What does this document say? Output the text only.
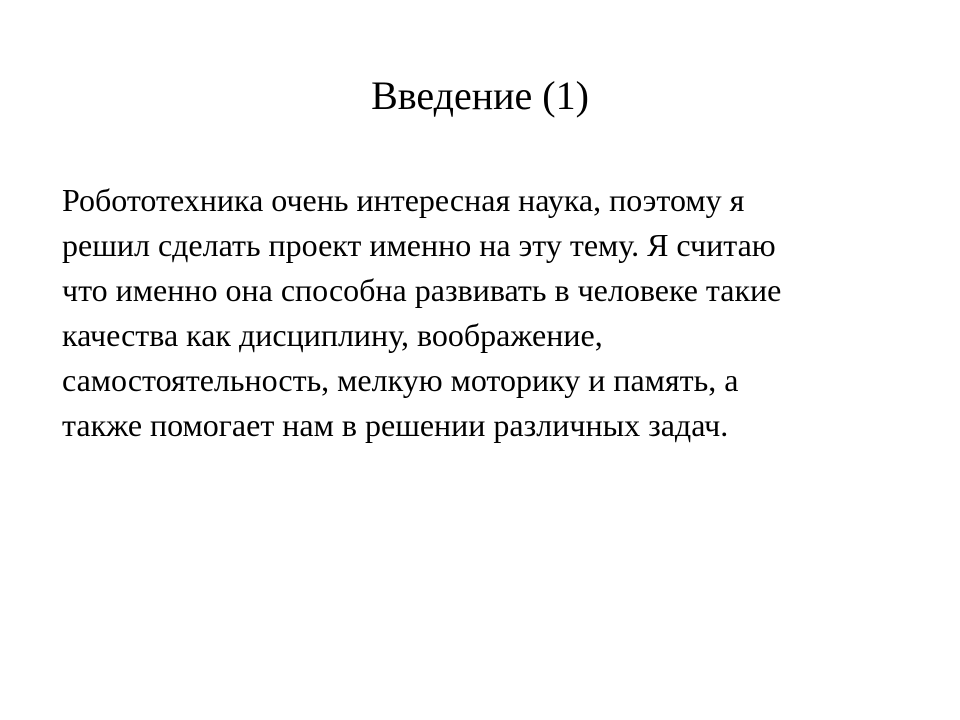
Введение (1)
Робототехника очень интересная наука, поэтому я
решил сделать проект именно на эту тему. Я считаю
что именно она способна развивать в человеке такие
качества как дисциплину, воображение,
самостоятельность, мелкую моторику и память, а
также помогает нам в решении различных задач.
